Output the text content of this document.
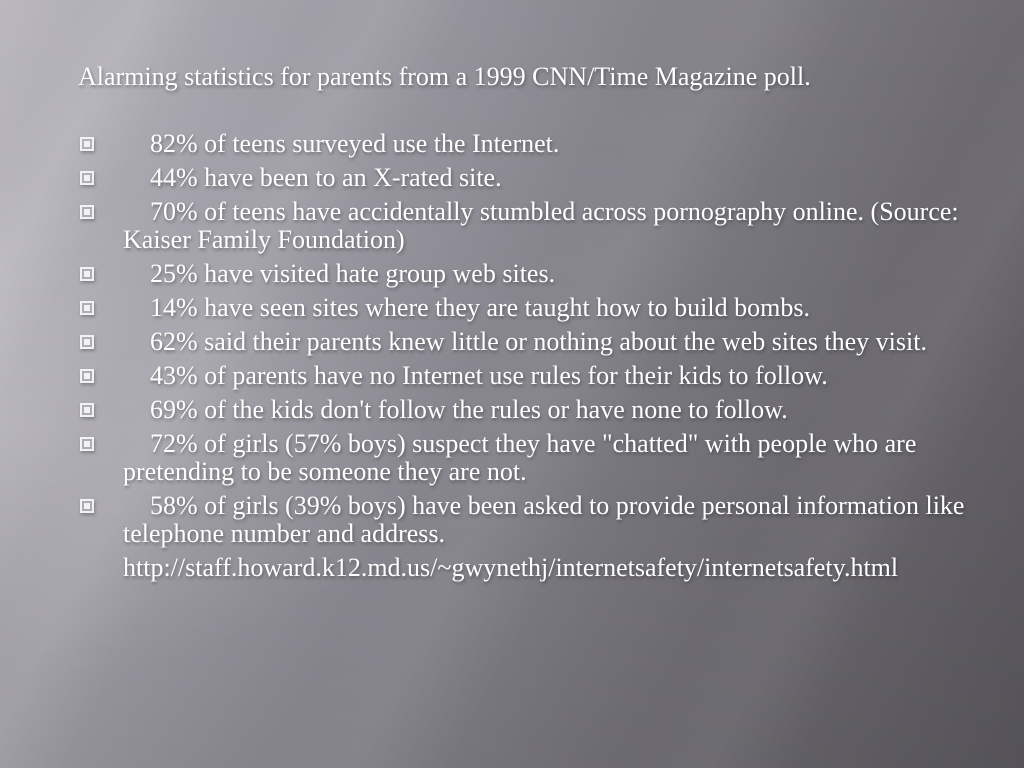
Alarming statistics for parents from a 1999 CNN/Time Magazine poll.
82% of teens surveyed use the Internet.
44% have been to an X-rated site.
70% of teens have accidentally stumbled across pornography online. (Source: Kaiser Family Foundation)
25% have visited hate group web sites.
14% have seen sites where they are taught how to build bombs.
62% said their parents knew little or nothing about the web sites they visit.
43% of parents have no Internet use rules for their kids to follow.
69% of the kids don't follow the rules or have none to follow.
72% of girls (57% boys) suspect they have "chatted" with people who are pretending to be someone they are not.
58% of girls (39% boys) have been asked to provide personal information like telephone number and address.
http://staff.howard.k12.md.us/~gwynethj/internetsafety/internetsafety.html
